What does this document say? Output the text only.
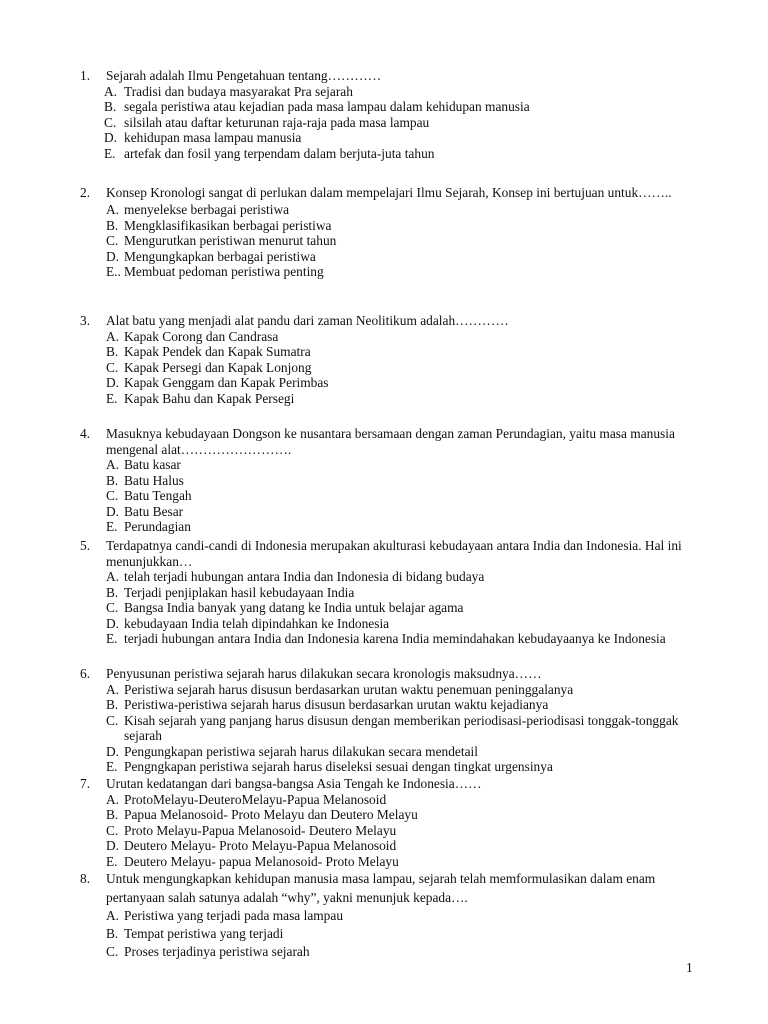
1. Sejarah adalah Ilmu Pengetahuan tentang…………
A. Tradisi dan budaya masyarakat Pra sejarah
B. segala peristiwa atau kejadian pada masa lampau dalam kehidupan manusia
C. silsilah atau daftar keturunan raja-raja pada masa lampau
D. kehidupan masa lampau manusia
E. artefak dan fosil yang terpendam dalam berjuta-juta tahun
2. Konsep Kronologi sangat di perlukan dalam mempelajari Ilmu Sejarah, Konsep ini bertujuan untuk……..
A. menyelekse berbagai peristiwa
B. Mengklasifikasikan berbagai peristiwa
C. Mengurutkan peristiwan menurut tahun
D. Mengungkapkan berbagai peristiwa
E.. Membuat pedoman peristiwa penting
3. Alat batu yang menjadi alat pandu dari zaman Neolitikum adalah…………
A. Kapak Corong dan Candrasa
B. Kapak Pendek dan Kapak Sumatra
C. Kapak Persegi dan Kapak Lonjong
D. Kapak Genggam dan Kapak Perimbas
E. Kapak Bahu dan Kapak Persegi
4. Masuknya kebudayaan Dongson ke nusantara bersamaan dengan zaman Perundagian, yaitu masa manusia mengenal alat…………………….
A. Batu kasar
B. Batu Halus
C. Batu Tengah
D. Batu Besar
E. Perundagian
5. Terdapatnya candi-candi di Indonesia merupakan akulturasi kebudayaan antara India dan Indonesia. Hal ini menunjukkan…
A. telah terjadi hubungan antara India dan Indonesia di bidang budaya
B. Terjadi penjiplakan hasil kebudayaan India
C. Bangsa India banyak yang datang ke India untuk belajar agama
D. kebudayaan India telah dipindahkan ke Indonesia
E. terjadi hubungan antara India dan Indonesia karena India memindahakan kebudayaanya ke Indonesia
6. Penyusunan peristiwa sejarah harus dilakukan secara kronologis maksudnya……
A. Peristiwa sejarah harus disusun berdasarkan urutan waktu penemuan peninggalanya
B. Peristiwa-peristiwa sejarah harus disusun berdasarkan urutan waktu kejadianya
C. Kisah sejarah yang panjang harus disusun dengan memberikan periodisasi-periodisasi tonggak-tonggak sejarah
D. Pengungkapan peristiwa sejarah harus dilakukan secara mendetail
E. Pengngkapan peristiwa sejarah harus diseleksi sesuai dengan tingkat urgensinya
7. Urutan kedatangan dari bangsa-bangsa Asia Tengah ke Indonesia……
A. ProtoMelayu-DeuteroMelayu-Papua Melanosoid
B. Papua Melanosoid- Proto Melayu dan Deutero Melayu
C. Proto Melayu-Papua Melanosoid- Deutero Melayu
D. Deutero Melayu- Proto Melayu-Papua Melanosoid
E. Deutero Melayu- papua Melanosoid- Proto Melayu
8. Untuk mengungkapkan kehidupan manusia masa lampau, sejarah telah memformulasikan dalam enam pertanyaan salah satunya adalah “why”, yakni menunjuk kepada….
A. Peristiwa yang terjadi pada masa lampau
B. Tempat peristiwa yang terjadi
C. Proses terjadinya peristiwa sejarah
1
